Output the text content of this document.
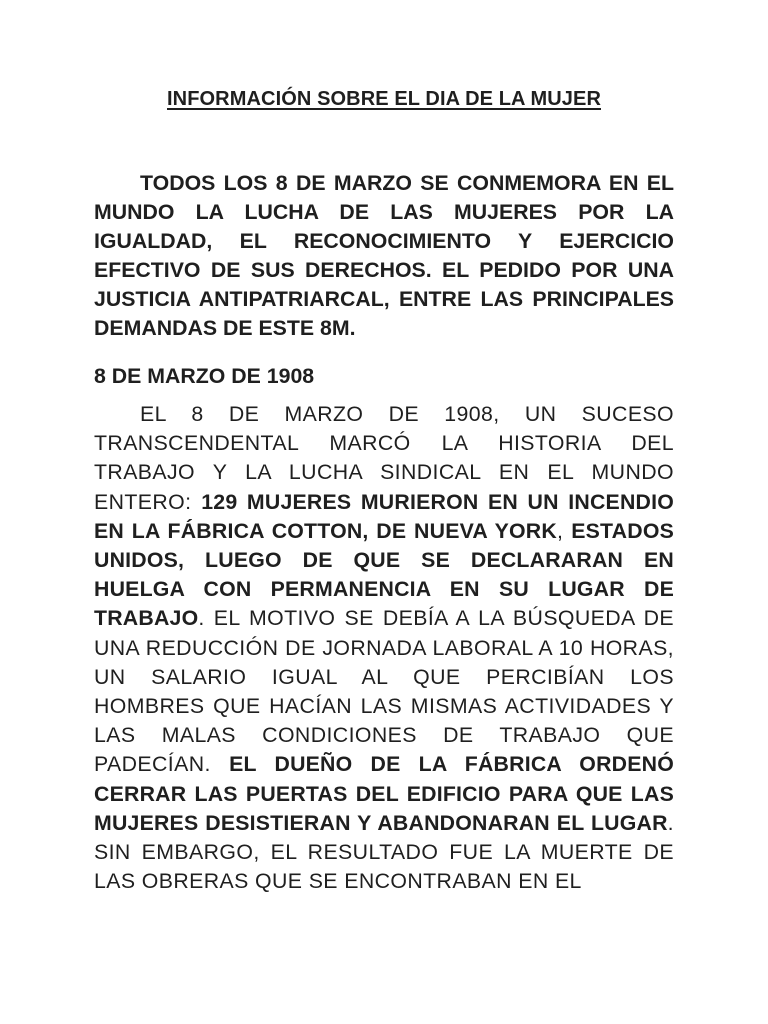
INFORMACIÓN SOBRE EL DIA DE LA MUJER

TODOS LOS 8 DE MARZO SE CONMEMORA EN EL MUNDO LA LUCHA DE LAS MUJERES POR LA IGUALDAD, EL RECONOCIMIENTO Y EJERCICIO EFECTIVO DE SUS DERECHOS. EL PEDIDO POR UNA JUSTICIA ANTIPATRIARCAL, ENTRE LAS PRINCIPALES DEMANDAS DE ESTE 8M.

8 DE MARZO DE 1908

EL 8 DE MARZO DE 1908, UN SUCESO TRANSCENDENTAL MARCÓ LA HISTORIA DEL TRABAJO Y LA LUCHA SINDICAL EN EL MUNDO ENTERO: 129 MUJERES MURIERON EN UN INCENDIO EN LA FÁBRICA COTTON, DE NUEVA YORK, ESTADOS UNIDOS, LUEGO DE QUE SE DECLARARAN EN HUELGA CON PERMANENCIA EN SU LUGAR DE TRABAJO. EL MOTIVO SE DEBÍA A LA BÚSQUEDA DE UNA REDUCCIÓN DE JORNADA LABORAL A 10 HORAS, UN SALARIO IGUAL AL QUE PERCIBÍAN LOS HOMBRES QUE HACÍAN LAS MISMAS ACTIVIDADES Y LAS MALAS CONDICIONES DE TRABAJO QUE PADECÍAN. EL DUEÑO DE LA FÁBRICA ORDENÓ CERRAR LAS PUERTAS DEL EDIFICIO PARA QUE LAS MUJERES DESISTIERAN Y ABANDONARAN EL LUGAR. SIN EMBARGO, EL RESULTADO FUE LA MUERTE DE LAS OBRERAS QUE SE ENCONTRABAN EN EL
